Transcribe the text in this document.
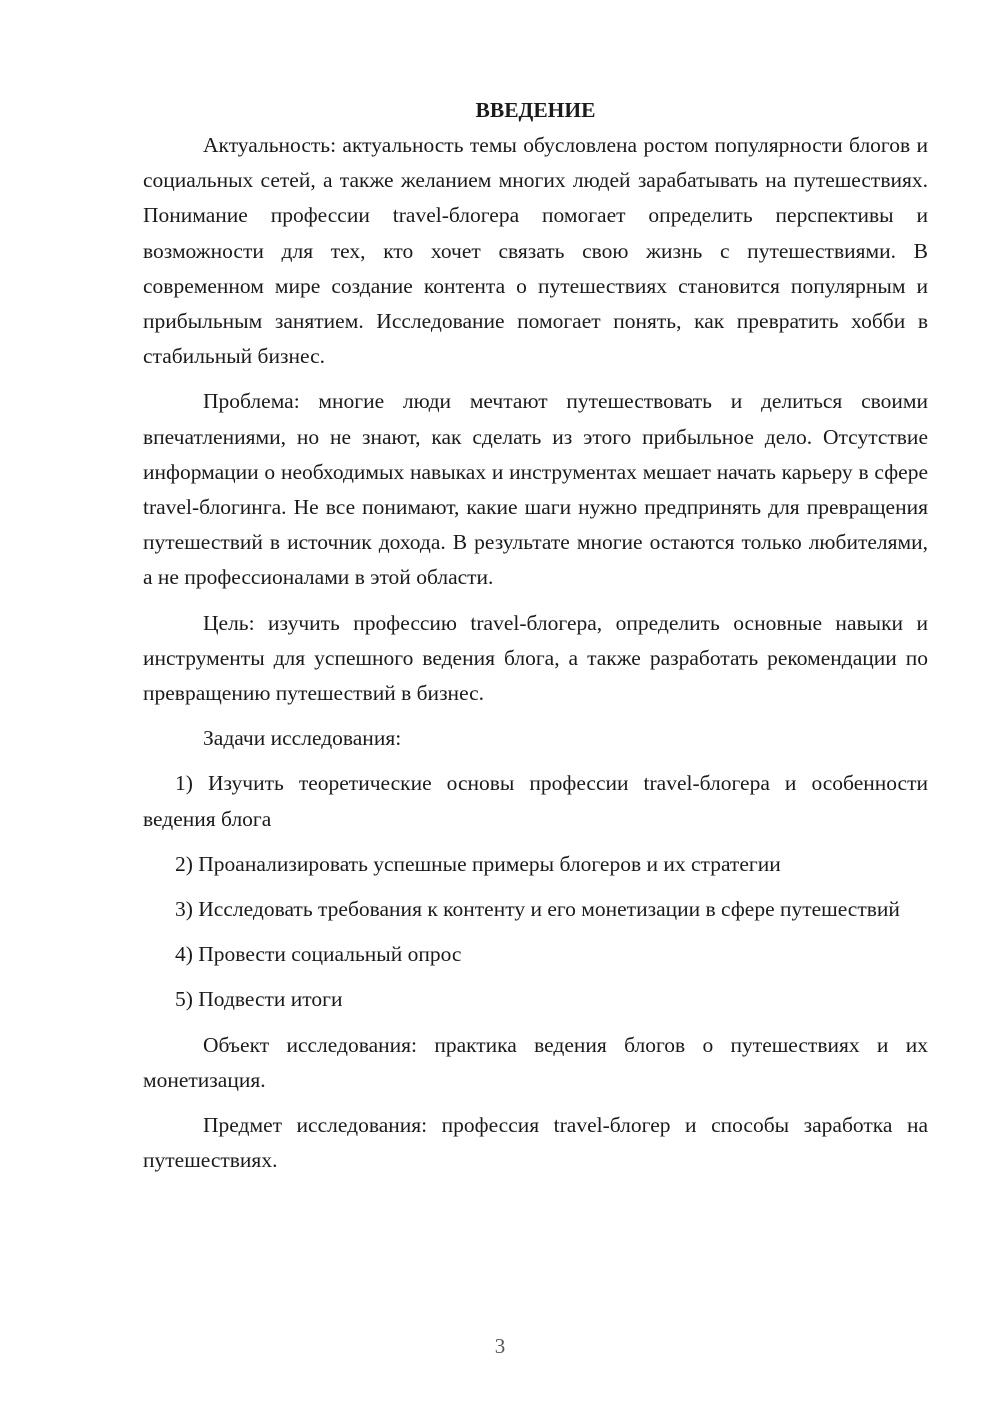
ВВЕДЕНИЕ

Актуальность: актуальность темы обусловлена ростом популярности блогов и социальных сетей, а также желанием многих людей зарабатывать на путешествиях. Понимание профессии travel-блогера помогает определить перспективы и возможности для тех, кто хочет связать свою жизнь с путешествиями. В современном мире создание контента о путешествиях становится популярным и прибыльным занятием. Исследование помогает понять, как превратить хобби в стабильный бизнес.

Проблема: многие люди мечтают путешествовать и делиться своими впечатлениями, но не знают, как сделать из этого прибыльное дело. Отсутствие информации о необходимых навыках и инструментах мешает начать карьеру в сфере travel-блогинга. Не все понимают, какие шаги нужно предпринять для превращения путешествий в источник дохода. В результате многие остаются только любителями, а не профессионалами в этой области.

Цель: изучить профессию travel-блогера, определить основные навыки и инструменты для успешного ведения блога, а также разработать рекомендации по превращению путешествий в бизнес.

Задачи исследования:

1) Изучить теоретические основы профессии travel-блогера и особенности ведения блога

2) Проанализировать успешные примеры блогеров и их стратегии

3) Исследовать требования к контенту и его монетизации в сфере путешествий

4) Провести социальный опрос

5) Подвести итоги

Объект исследования: практика ведения блогов о путешествиях и их монетизация.

Предмет исследования: профессия travel-блогер и способы заработка на путешествиях.

3
